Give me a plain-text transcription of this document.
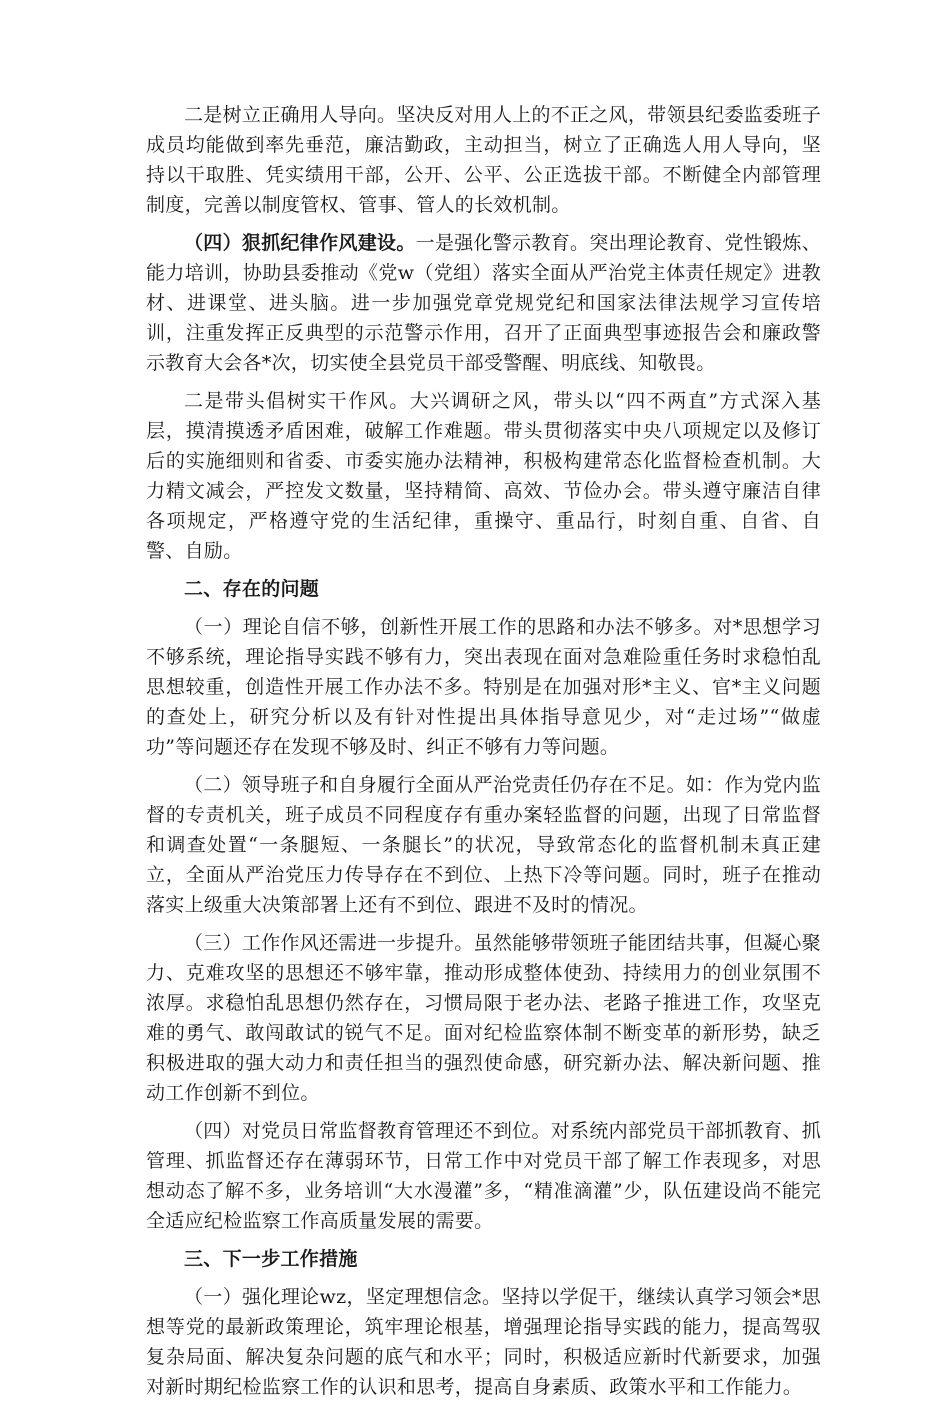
二是树立正确用人导向。坚决反对用人上的不正之风，带领县纪委监委班子成员均能做到率先垂范，廉洁勤政，主动担当，树立了正确选人用人导向，坚持以干取胜、凭实绩用干部，公开、公平、公正选拔干部。不断健全内部管理制度，完善以制度管权、管事、管人的长效机制。

（四）狠抓纪律作风建设。一是强化警示教育。突出理论教育、党性锻炼、能力培训，协助县委推动《党w（党组）落实全面从严治党主体责任规定》进教材、进课堂、进头脑。进一步加强党章党规党纪和国家法律法规学习宣传培训，注重发挥正反典型的示范警示作用，召开了正面典型事迹报告会和廉政警示教育大会各*次，切实使全县党员干部受警醒、明底线、知敬畏。

二是带头倡树实干作风。大兴调研之风，带头以“四不两直”方式深入基层，摸清摸透矛盾困难，破解工作难题。带头贯彻落实中央八项规定以及修订后的实施细则和省委、市委实施办法精神，积极构建常态化监督检查机制。大力精文减会，严控发文数量，坚持精简、高效、节俭办会。带头遵守廉洁自律各项规定，严格遵守党的生活纪律，重操守、重品行，时刻自重、自省、自警、自励。

二、存在的问题

（一）理论自信不够，创新性开展工作的思路和办法不够多。对*思想学习不够系统，理论指导实践不够有力，突出表现在面对急难险重任务时求稳怕乱思想较重，创造性开展工作办法不多。特别是在加强对形*主义、官*主义问题的查处上，研究分析以及有针对性提出具体指导意见少，对“走过场”“做虚功”等问题还存在发现不够及时、纠正不够有力等问题。

（二）领导班子和自身履行全面从严治党责任仍存在不足。如：作为党内监督的专责机关，班子成员不同程度存有重办案轻监督的问题，出现了日常监督和调查处置“一条腿短、一条腿长”的状况，导致常态化的监督机制未真正建立，全面从严治党压力传导存在不到位、上热下冷等问题。同时，班子在推动落实上级重大决策部署上还有不到位、跟进不及时的情况。

（三）工作作风还需进一步提升。虽然能够带领班子能团结共事，但凝心聚力、克难攻坚的思想还不够牢靠，推动形成整体使劲、持续用力的创业氛围不浓厚。求稳怕乱思想仍然存在，习惯局限于老办法、老路子推进工作，攻坚克难的勇气、敢闯敢试的锐气不足。面对纪检监察体制不断变革的新形势，缺乏积极进取的强大动力和责任担当的强烈使命感，研究新办法、解决新问题、推动工作创新不到位。

（四）对党员日常监督教育管理还不到位。对系统内部党员干部抓教育、抓管理、抓监督还存在薄弱环节，日常工作中对党员干部了解工作表现多，对思想动态了解不多，业务培训“大水漫灌”多，“精准滴灌”少，队伍建设尚不能完全适应纪检监察工作高质量发展的需要。

三、下一步工作措施

（一）强化理论wz，坚定理想信念。坚持以学促干，继续认真学习领会*思想等党的最新政策理论，筑牢理论根基，增强理论指导实践的能力，提高驾驭复杂局面、解决复杂问题的底气和水平；同时，积极适应新时代新要求，加强对新时期纪检监察工作的认识和思考，提高自身素质、政策水平和工作能力。
